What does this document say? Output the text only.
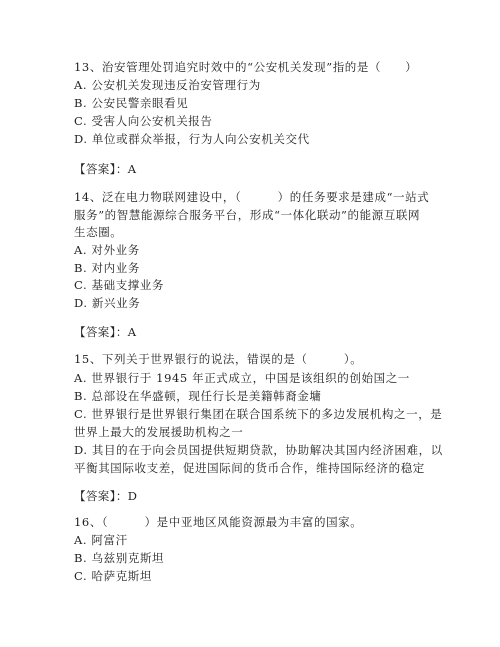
13、治安管理处罚追究时效中的“公安机关发现”指的是（　　）
A. 公安机关发现违反治安管理行为
B. 公安民警亲眼看见
C. 受害人向公安机关报告
D. 单位或群众举报，行为人向公安机关交代
【答案】：A
14、泛在电力物联网建设中，（　　　）的任务要求是建成“一站式
服务”的智慧能源综合服务平台，形成“一体化联动”的能源互联网
生态圈。
A. 对外业务
B. 对内业务
C. 基础支撑业务
D. 新兴业务
【答案】：A
15、下列关于世界银行的说法，错误的是（　　　）。
A. 世界银行于 1945 年正式成立，中国是该组织的创始国之一
B. 总部设在华盛顿，现任行长是美籍韩裔金墉
C. 世界银行是世界银行集团在联合国系统下的多边发展机构之一，是
世界上最大的发展援助机构之一
D. 其目的在于向会员国提供短期贷款，协助解决其国内经济困难，以
平衡其国际收支差，促进国际间的货币合作，维持国际经济的稳定
【答案】：D
16、（　　　）是中亚地区风能资源最为丰富的国家。
A. 阿富汗
B. 乌兹别克斯坦
C. 哈萨克斯坦
